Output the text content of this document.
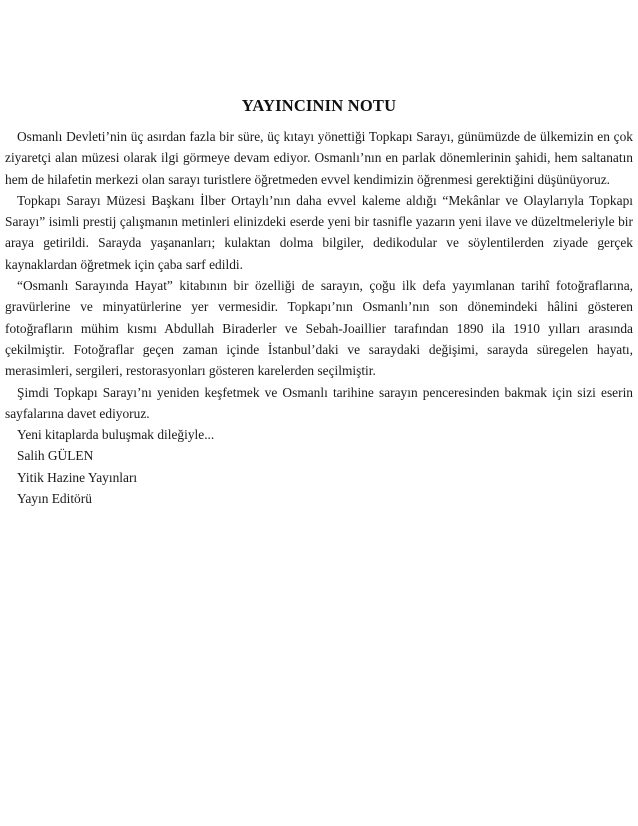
YAYINCININ NOTU

Osmanlı Devleti’nin üç asırdan fazla bir süre, üç kıtayı yönettiği Topkapı Sarayı, günümüzde de ülkemizin en çok ziyaretçi alan müzesi olarak ilgi görmeye devam ediyor. Osmanlı’nın en parlak dönemlerinin şahidi, hem saltanatın hem de hilafetin merkezi olan sarayı turistlere öğretmeden evvel kendimizin öğrenmesi gerektiğini düşünüyoruz.

Topkapı Sarayı Müzesi Başkanı İlber Ortaylı’nın daha evvel kaleme aldığı “Mekânlar ve Olaylarıyla Topkapı Sarayı” isimli prestij çalışmanın metinleri elinizdeki eserde yeni bir tasnifle yazarın yeni ilave ve düzeltmeleriyle bir araya getirildi. Sarayda yaşananları; kulaktan dolma bilgiler, dedikodular ve söylentilerden ziyade gerçek kaynaklardan öğretmek için çaba sarf edildi.

“Osmanlı Sarayında Hayat” kitabının bir özelliği de sarayın, çoğu ilk defa yayımlanan tarihî fotoğraflarına, gravürlerine ve minyatürlerine yer vermesidir. Topkapı’nın Osmanlı’nın son dönemindeki hâlini gösteren fotoğrafların mühim kısmı Abdullah Biraderler ve Sebah-Joaillier tarafından 1890 ila 1910 yılları arasında çekilmiştir. Fotoğraflar geçen zaman içinde İstanbul’daki ve saraydaki değişimi, sarayda süregelen hayatı, merasimleri, sergileri, restorasyonları gösteren karelerden seçilmiştir.

Şimdi Topkapı Sarayı’nı yeniden keşfetmek ve Osmanlı tarihine sarayın penceresinden bakmak için sizi eserin sayfalarına davet ediyoruz.

Yeni kitaplarda buluşmak dileğiyle...

Salih GÜLEN

Yitik Hazine Yayınları

Yayın Editörü
